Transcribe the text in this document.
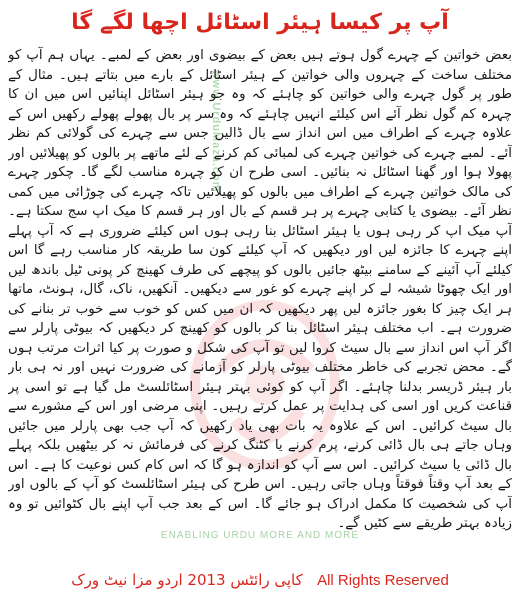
آپ پر کیسا ہیئر اسٹائل اچھا لگے گا
www.UrduMaza.com
ENABLING URDU MORE AND MORE

بعض خواتین کے چہرے گول ہوتے ہیں بعض کے بیضوی اور بعض کے لمبے۔ یہاں ہم آپ کو مختلف ساخت کے چہروں والی خواتین کے ہیئر اسٹائل کے بارے میں بتاتے ہیں۔ مثال کے طور پر گول چہرے والی خواتین کو چاہئے کہ وہ جو ہیئر اسٹائل اپنائیں اس میں ان کا چہرہ کم گول نظر آئے اس کیلئے انہیں چاہئے کہ وہ سر پر بال پھولے پھولے رکھیں اس کے علاوہ چہرے کے اطراف میں اس انداز سے بال ڈالیں جس سے چہرے کی گولائی کم نظر آئے۔ لمبے چہرے کی خواتین چہرے کی لمبائی کم کرنے کے لئے ماتھے پر بالوں کو پھیلائیں اور پھولا ہوا اور گھنا اسٹائل نہ بنائیں۔ اسی طرح ان کو چہرہ مناسب لگے گا۔ چکور چہرے کی مالک خواتین چہرے کے اطراف میں بالوں کو پھیلائیں تاکہ چہرے کی چوڑائی میں کمی نظر آئے۔ بیضوی یا کتابی چہرے پر ہر قسم کے بال اور ہر قسم کا میک اپ سج سکتا ہے۔ آپ میک اپ کر رہی ہوں یا ہیئر اسٹائل بنا رہی ہوں اس کیلئے ضروری ہے کہ آپ پہلے اپنے چہرے کا جائزہ لیں اور دیکھیں کہ آپ کیلئے کون سا طریقہ کار مناسب رہے گا اس کیلئے آپ آئینے کے سامنے بیٹھ جائیں بالوں کو پیچھے کی طرف کھینچ کر پونی ٹیل باندھ لیں اور ایک چھوٹا شیشہ لے کر اپنے چہرے کو غور سے دیکھیں۔ آنکھیں، ناک، گال، ہونٹ، ماتھا ہر ایک چیز کا بغور جائزہ لیں پھر دیکھیں کہ ان میں کس کو خوب سے خوب تر بنانے کی ضرورت ہے۔ اب مختلف ہیئر اسٹائل بنا کر بالوں کو کھینچ کر دیکھیں کہ بیوٹی پارلر سے اگر آپ اس انداز سے بال سیٹ کروا لیں تو آپ کی شکل و صورت پر کیا اثرات مرتب ہوں گے۔ محض تجربے کی خاطر مختلف بیوٹی پارلر کو آزمانے کی ضرورت نہیں اور نہ ہی بار بار ہیئر ڈریسر بدلنا چاہئے۔ اگر آپ کو کوئی بہتر ہیئر اسٹائلسٹ مل گیا ہے تو اسی پر قناعت کریں اور اسی کی ہدایت پر عمل کرتے رہیں۔ اپنی مرضی اور اس کے مشورے سے بال سیٹ کرائیں۔ اس کے علاوہ یہ بات بھی یاد رکھیں کہ آپ جب بھی پارلر میں جائیں وہاں جاتے ہی بال ڈائی کرنے، پرم کرنے یا کٹنگ کرنے کی فرمائش نہ کر بیٹھیں بلکہ پہلے بال ڈائی یا سیٹ کرائیں۔ اس سے آپ کو اندازہ ہو گا کہ اس کام کس نوعیت کا ہے۔ اس کے بعد آپ وقتاً فوقتاً وہاں جاتی رہیں۔ اس طرح کی ہیئر اسٹائلسٹ کو آپ کے بالوں اور آپ کی شخصیت کا مکمل ادراک ہو جائے گا۔ اس کے بعد جب آپ اپنے بال کٹوائیں تو وہ زیادہ بہتر طریقے سے کٹیں گے۔

کاپی رائٹس 2013 اردو مزا نیٹ ورک All Rights Reserved
